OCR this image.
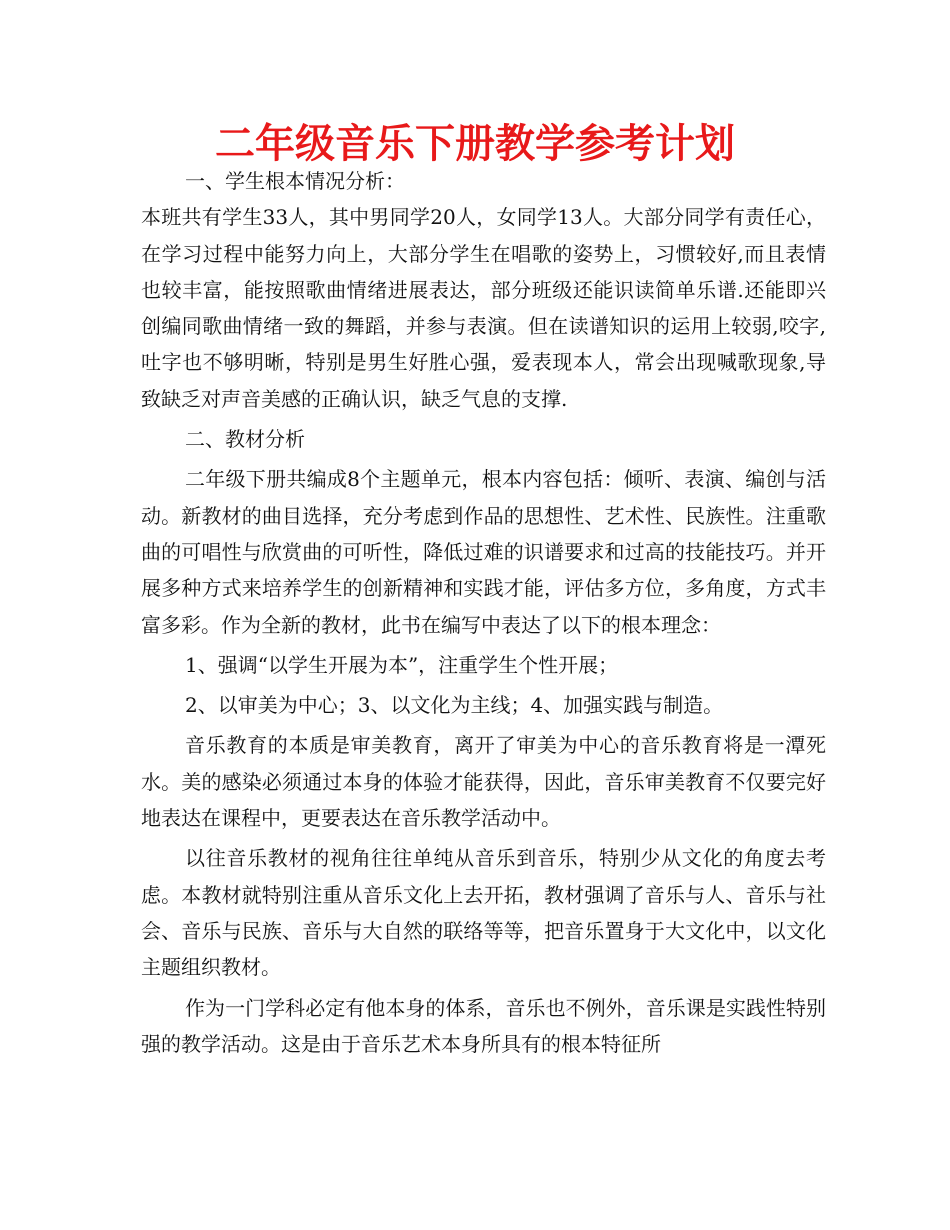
二年级音乐下册教学参考计划

一、学生根本情况分析：

本班共有学生33人，其中男同学20人，女同学13人。大部分同学有责任心，在学习过程中能努力向上，大部分学生在唱歌的姿势上，习惯较好,而且表情也较丰富，能按照歌曲情绪进展表达，部分班级还能识读简单乐谱.还能即兴创编同歌曲情绪一致的舞蹈，并参与表演。但在读谱知识的运用上较弱,咬字,吐字也不够明晰，特别是男生好胜心强，爱表现本人，常会出现喊歌现象,导致缺乏对声音美感的正确认识，缺乏气息的支撑.

二、教材分析

二年级下册共编成8个主题单元，根本内容包括：倾听、表演、编创与活动。新教材的曲目选择，充分考虑到作品的思想性、艺术性、民族性。注重歌曲的可唱性与欣赏曲的可听性，降低过难的识谱要求和过高的技能技巧。并开展多种方式来培养学生的创新精神和实践才能，评估多方位，多角度，方式丰富多彩。作为全新的教材，此书在编写中表达了以下的根本理念：

1、强调“以学生开展为本”，注重学生个性开展；

2、以审美为中心；3、以文化为主线；4、加强实践与制造。

音乐教育的本质是审美教育，离开了审美为中心的音乐教育将是一潭死水。美的感染必须通过本身的体验才能获得，因此，音乐审美教育不仅要完好地表达在课程中，更要表达在音乐教学活动中。

以往音乐教材的视角往往单纯从音乐到音乐，特别少从文化的角度去考虑。本教材就特别注重从音乐文化上去开拓，教材强调了音乐与人、音乐与社会、音乐与民族、音乐与大自然的联络等等，把音乐置身于大文化中，以文化主题组织教材。

作为一门学科必定有他本身的体系，音乐也不例外，音乐课是实践性特别强的教学活动。这是由于音乐艺术本身所具有的根本特征所
